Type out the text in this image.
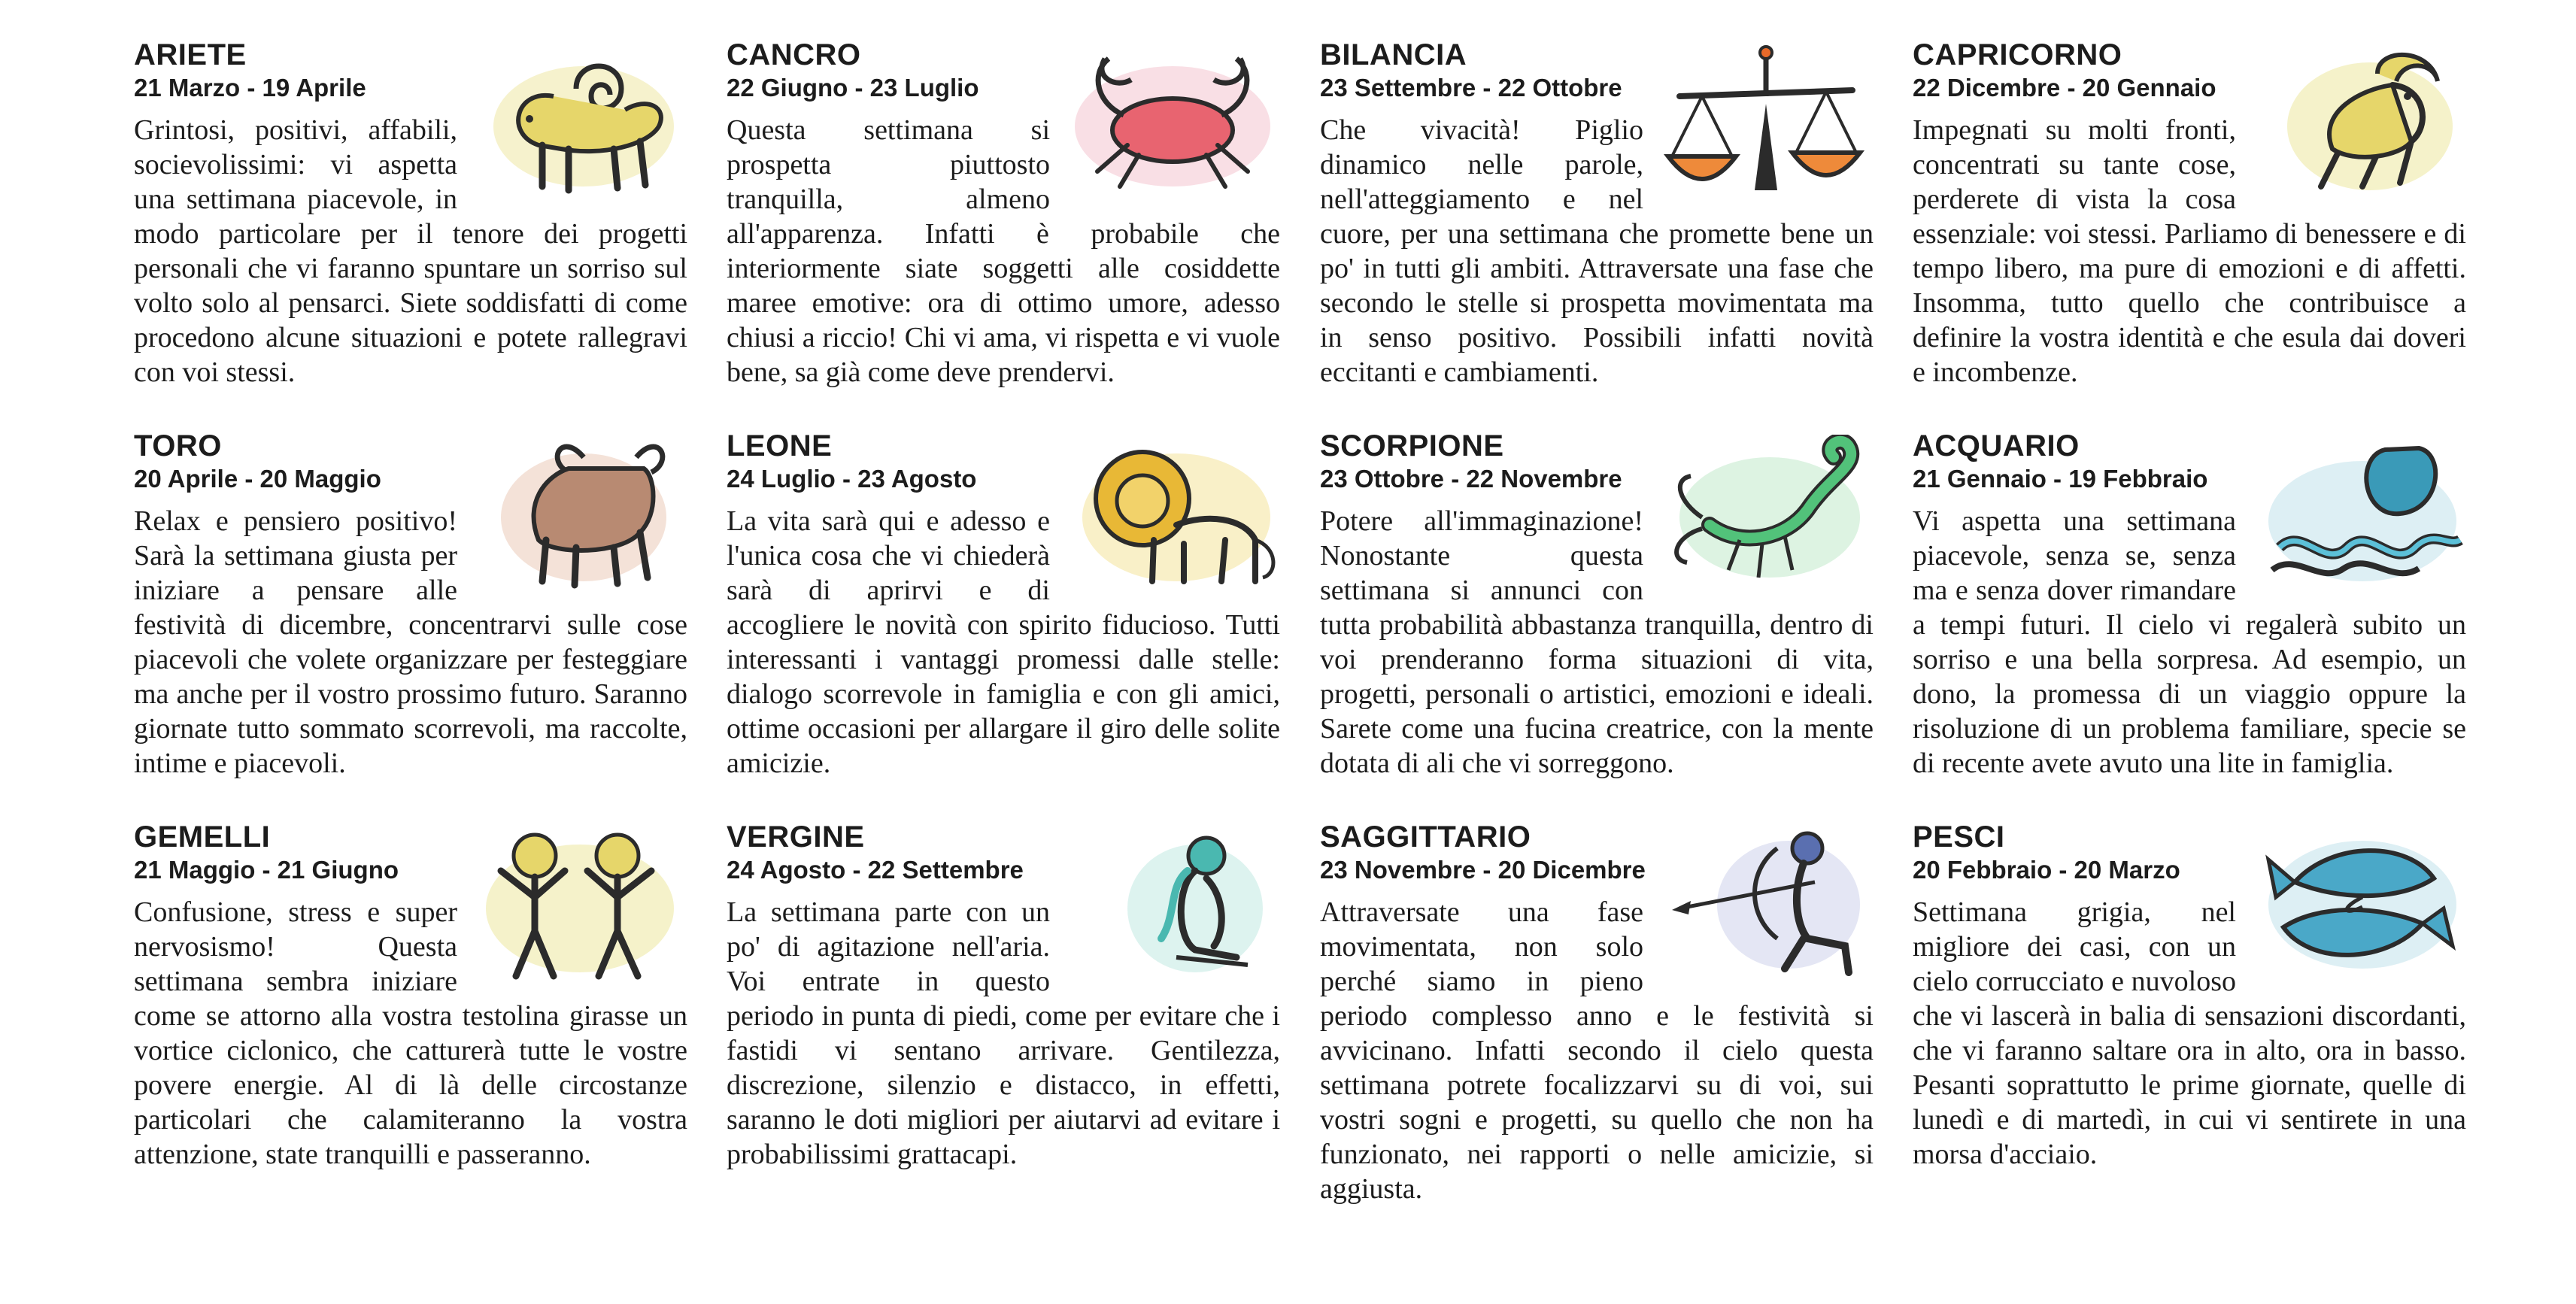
ARIETE
21 Marzo - 19 Aprile

Grintosi, positivi, affabili, socievolissimi: vi aspetta una settimana piacevole, in modo particolare per il tenore dei progetti personali che vi faranno spuntare un sorriso sul volto solo al pensarci. Siete soddisfatti di come procedono alcune situazioni e potete rallegravi con voi stessi.

CANCRO
22 Giugno - 23 Luglio

Questa settimana si prospetta piuttosto tranquilla, almeno all'apparenza. Infatti è probabile che interiormente siate soggetti alle cosiddette maree emotive: ora di ottimo umore, adesso chiusi a riccio! Chi vi ama, vi rispetta e vi vuole bene, sa già come deve prendervi.

BILANCIA
23 Settembre - 22 Ottobre

Che vivacità! Piglio dinamico nelle parole, nell'atteggiamento e nel cuore, per una settimana che promette bene un po' in tutti gli ambiti. Attraversate una fase che secondo le stelle si prospetta movimentata ma in senso positivo. Possibili infatti novità eccitanti e cambiamenti.

CAPRICORNO
22 Dicembre - 20 Gennaio

Impegnati su molti fronti, concentrati su tante cose, perderete di vista la cosa essenziale: voi stessi. Parliamo di benessere e di tempo libero, ma pure di emozioni e di affetti. Insomma, tutto quello che contribuisce a definire la vostra identità e che esula dai doveri e incombenze.

TORO
20 Aprile - 20 Maggio

Relax e pensiero positivo! Sarà la settimana giusta per iniziare a pensare alle festività di dicembre, concentrarvi sulle cose piacevoli che volete organizzare per festeggiare ma anche per il vostro prossimo futuro. Saranno giornate tutto sommato scorrevoli, ma raccolte, intime e piacevoli.

LEONE
24 Luglio - 23 Agosto

La vita sarà qui e adesso e l'unica cosa che vi chiederà sarà di aprirvi e di accogliere le novità con spirito fiducioso. Tutti interessanti i vantaggi promessi dalle stelle: dialogo scorrevole in famiglia e con gli amici, ottime occasioni per allargare il giro delle solite amicizie.

SCORPIONE
23 Ottobre - 22 Novembre

Potere all'immaginazione! Nonostante questa settimana si annunci con tutta probabilità abbastanza tranquilla, dentro di voi prenderanno forma situazioni di vita, progetti, personali o artistici, emozioni e ideali. Sarete come una fucina creatrice, con la mente dotata di ali che vi sorreggono.

ACQUARIO
21 Gennaio - 19 Febbraio

Vi aspetta una settimana piacevole, senza se, senza ma e senza dover rimandare a tempi futuri. Il cielo vi regalerà subito un sorriso e una bella sorpresa. Ad esempio, un dono, la promessa di un viaggio oppure la risoluzione di un problema familiare, specie se di recente avete avuto una lite in famiglia.

GEMELLI
21 Maggio - 21 Giugno

Confusione, stress e super nervosismo! Questa settimana sembra iniziare come se attorno alla vostra testolina girasse un vortice ciclonico, che catturerà tutte le vostre povere energie. Al di là delle circostanze particolari che calamiteranno la vostra attenzione, state tranquilli e passeranno.

VERGINE
24 Agosto - 22 Settembre

La settimana parte con un po' di agitazione nell'aria. Voi entrate in questo periodo in punta di piedi, come per evitare che i fastidi vi sentano arrivare. Gentilezza, discrezione, silenzio e distacco, in effetti, saranno le doti migliori per aiutarvi ad evitare i probabilissimi grattacapi.

SAGGITTARIO
23 Novembre - 20 Dicembre

Attraversate una fase movimentata, non solo perché siamo in pieno periodo complesso anno e le festività si avvicinano. Infatti secondo il cielo questa settimana potrete focalizzarvi su di voi, sui vostri sogni e progetti, su quello che non ha funzionato, nei rapporti o nelle amicizie, si aggiusta.

PESCI
20 Febbraio - 20 Marzo

Settimana grigia, nel migliore dei casi, con un cielo corrucciato e nuvoloso che vi lascerà in balia di sensazioni discordanti, che vi faranno saltare ora in alto, ora in basso. Pesanti soprattutto le prime giornate, quelle di lunedì e di martedì, in cui vi sentirete in una morsa d'acciaio.
